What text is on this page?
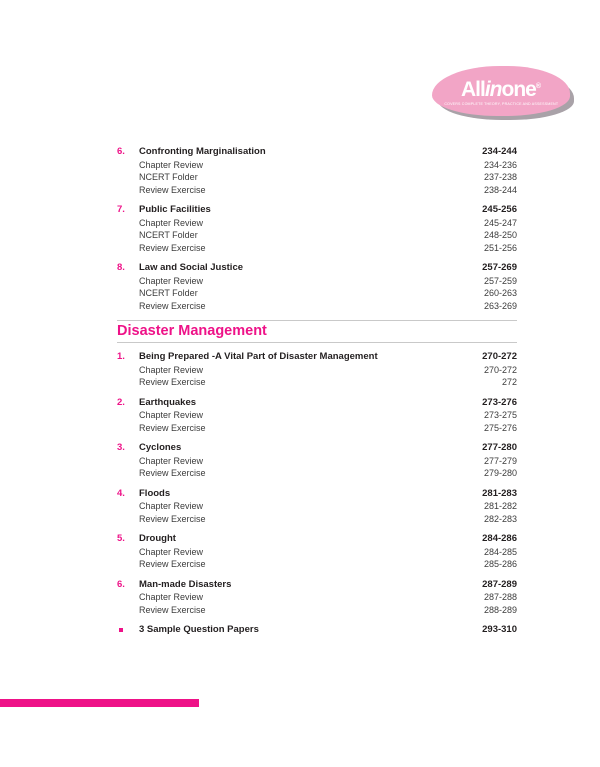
Allinone®
COVERS COMPLETE THEORY, PRACTICE AND ASSESSMENT
6.	Confronting Marginalisation	234-244
Chapter Review	234-236
NCERT Folder	237-238
Review Exercise	238-244
7.	Public Facilities	245-256
Chapter Review	245-247
NCERT Folder	248-250
Review Exercise	251-256
8.	Law and Social Justice	257-269
Chapter Review	257-259
NCERT Folder	260-263
Review Exercise	263-269
Disaster Management
1.	Being Prepared -A Vital Part of Disaster Management	270-272
Chapter Review	270-272
Review Exercise	272
2.	Earthquakes	273-276
Chapter Review	273-275
Review Exercise	275-276
3.	Cyclones	277-280
Chapter Review	277-279
Review Exercise	279-280
4.	Floods	281-283
Chapter Review	281-282
Review Exercise	282-283
5.	Drought	284-286
Chapter Review	284-285
Review Exercise	285-286
6.	Man-made Disasters	287-289
Chapter Review	287-288
Review Exercise	288-289
3 Sample Question Papers	293-310
